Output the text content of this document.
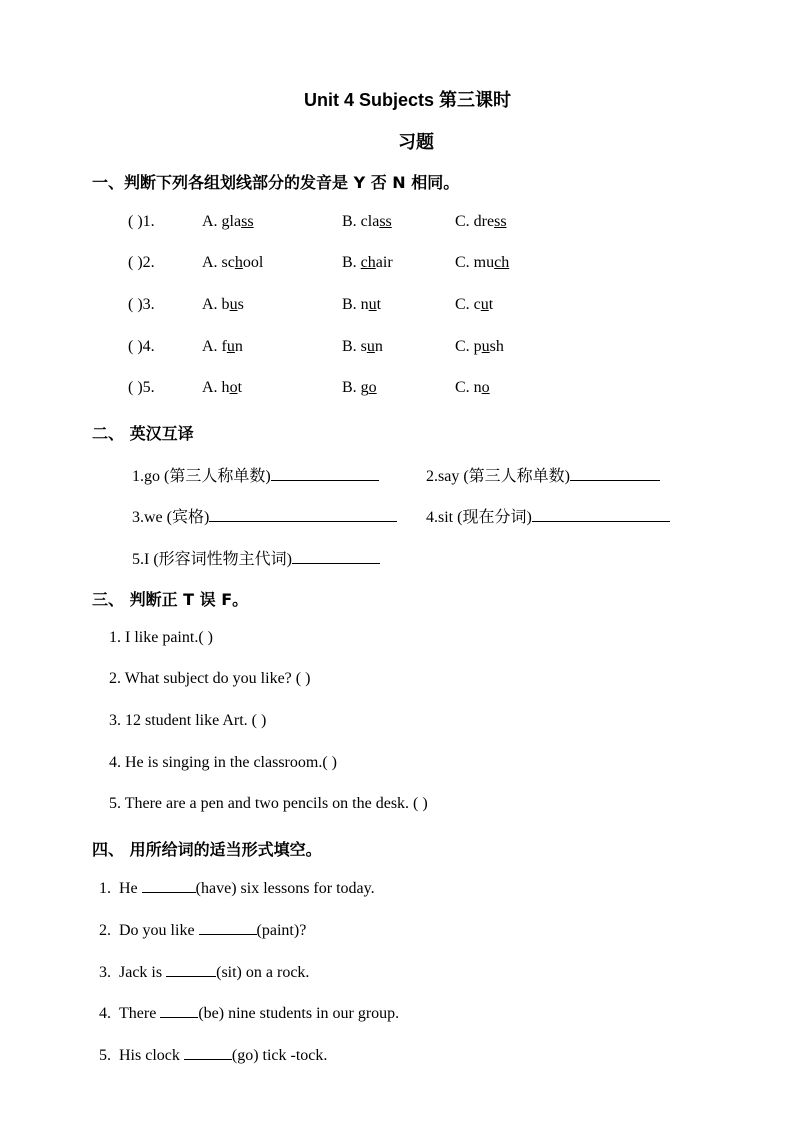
Unit 4 Subjects 第三课时
习题
一、判断下列各组划线部分的发音是 Y 否 N 相同。
( )1.	A. glass	B. class	C. dress
( )2.	A. school	B. chair	C. much
( )3.	A. bus	B. nut	C. cut
( )4.	A. fun	B. sun	C. push
( )5.	A. hot	B. go	C. no
二、 英汉互译
1.go (第三人称单数)	2.say (第三人称单数)
3.we (宾格)	4.sit (现在分词)
5.I (形容词性物主代词)
三、 判断正 T 误 F。
1. I like paint.( )
2. What subject do you like? ( )
3. 12 student like Art. ( )
4. He is singing in the classroom.( )
5. There are a pen and two pencils on the desk. ( )
四、 用所给词的适当形式填空。
1. He	(have) six lessons for today.
2. Do you like	(paint)?
3. Jack is	(sit) on a rock.
4. There (be) nine students in our group.
5. His clock	(go) tick -tock.
